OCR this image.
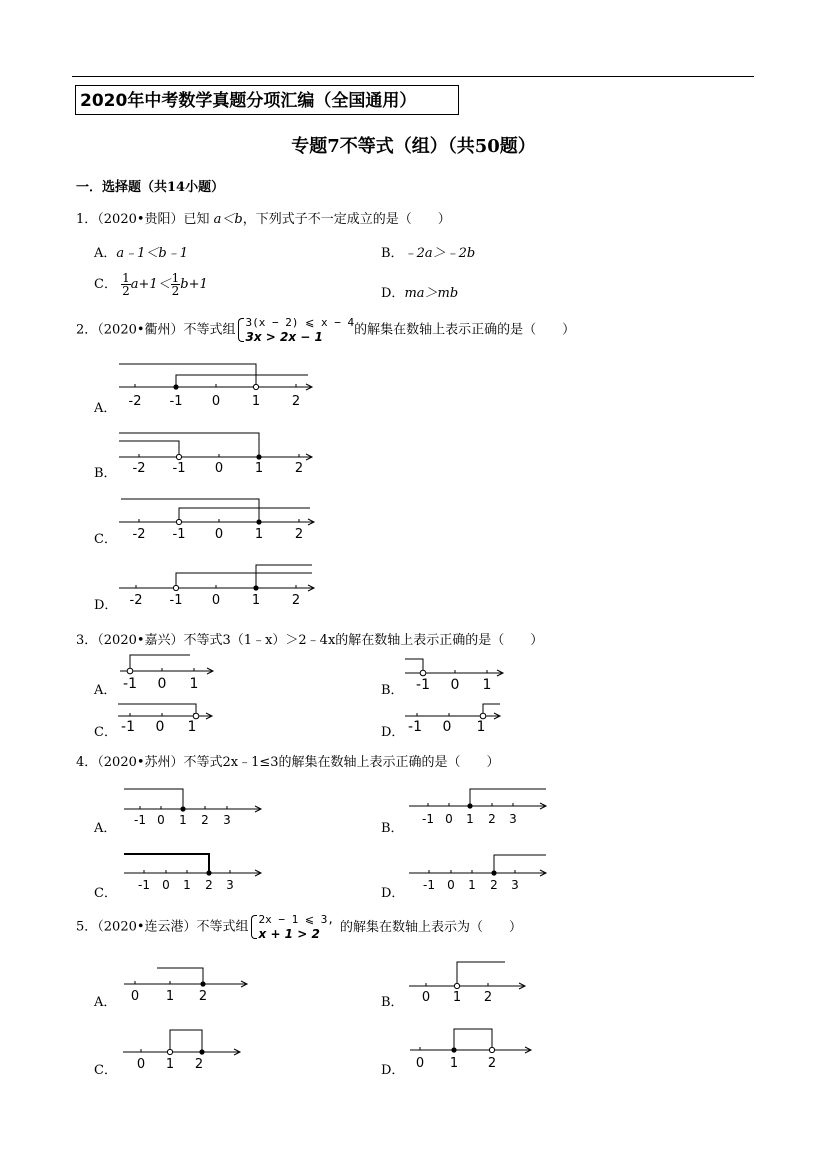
2020年中考数学真题分项汇编（全国通用）
专题7不等式（组）（共50题）
一．选择题（共14小题）
1．（2020•贵阳）已知 a＜b，下列式子不一定成立的是（　　）
A．a﹣1＜b﹣1	B．﹣2a＞﹣2b
C． $\frac{1}{2} a+1< \frac{1}{2} b+1$
D．ma＞mb
2．（2020•衢州）不等式组 3(x − 2) ⩽ x − 4
3x > 2x − 1	的解集在数轴上表示正确的是（　　）
A．
B．
C．
D．
-2 -1 0 1 2
-2 -1 0 1 2
-2 -1 0 1 2
-2 -1 0 1 2
3．（2020•嘉兴）不等式3（1﹣x）＞2﹣4x的解在数轴上表示正确的是（　　）
A．	B．
C．	D．
-1 0 1	-1 0 1
-1 0 1	-1 0 1
4．（2020•苏州）不等式2x﹣1≤3的解集在数轴上表示正确的是（　　）
A．	B．
C．	D．
-1 0 1 2 3	-1 0 1 2 3
-1 0 1 2 3	-1 0 1 2 3
5．（2020•连云港）不等式组 2x − 1 ⩽ 3,
x + 1 > 2	的解集在数轴上表示为（　　）
A．	B．
C．	D．
0 1 2	0 1 2
0 1 2	0 1 2
